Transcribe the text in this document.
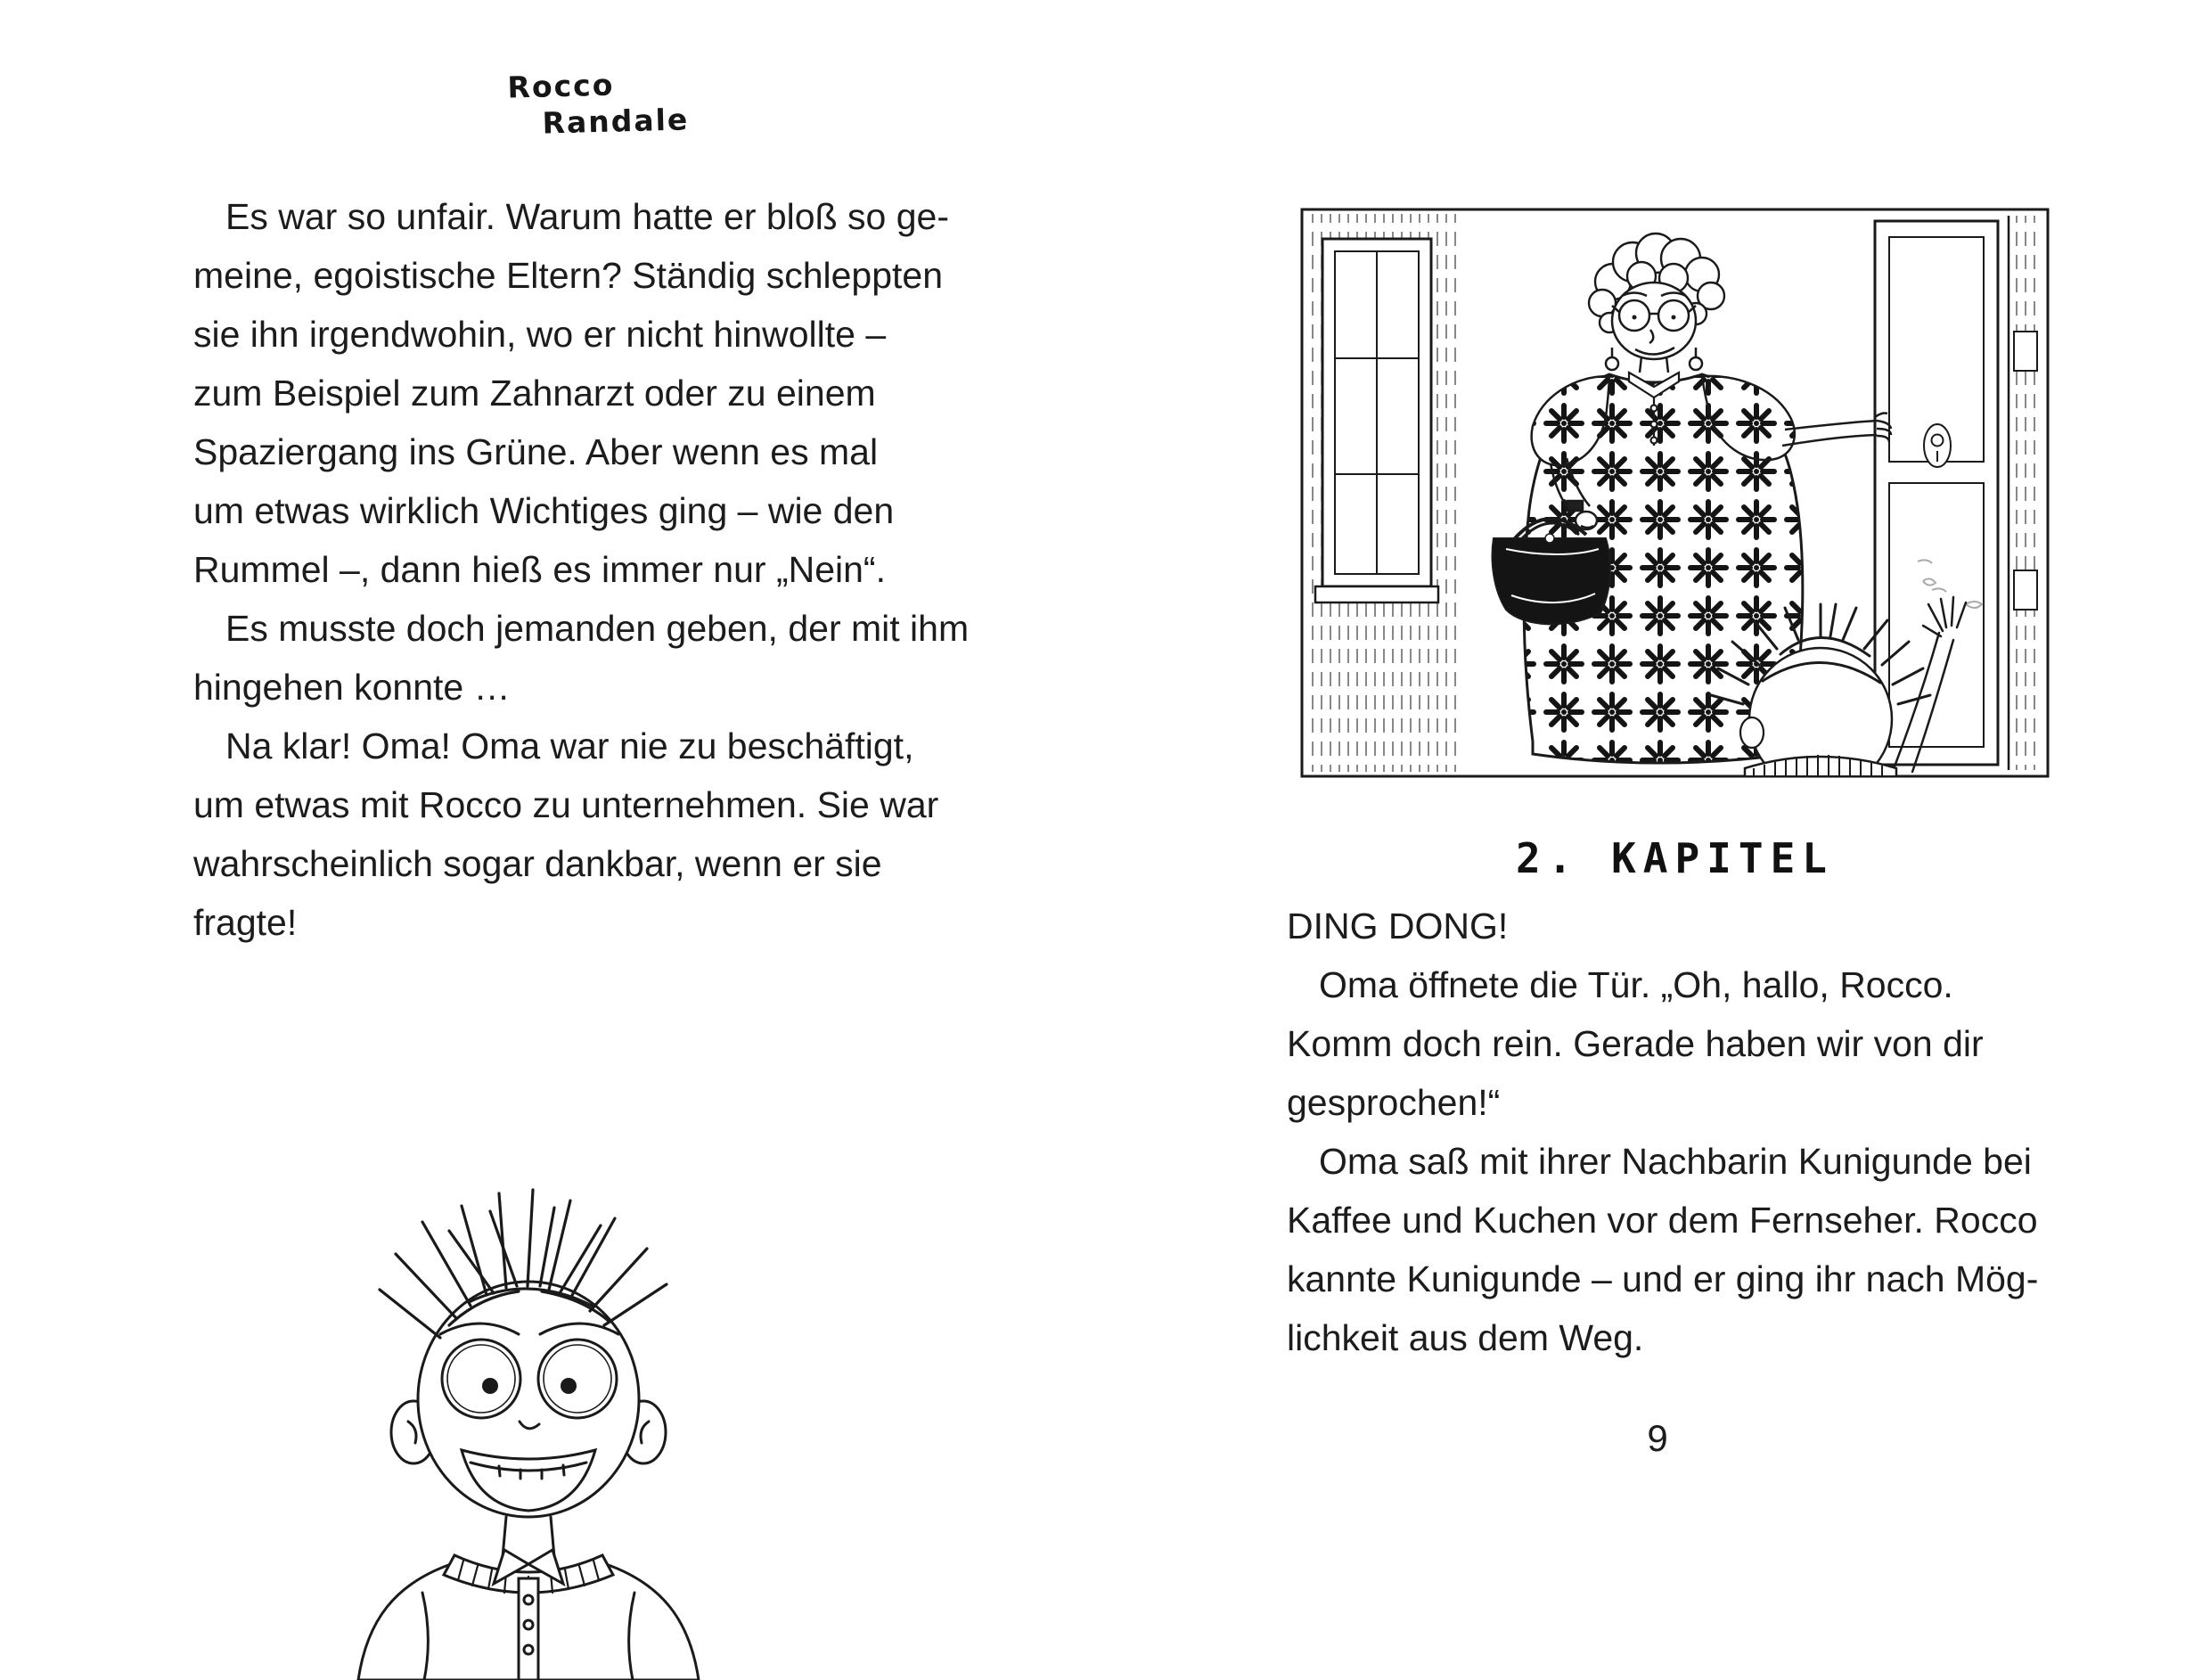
Rocco
Randale
Es war so unfair. Warum hatte er bloß so ge-
meine, egoistische Eltern? Ständig schleppten
sie ihn irgendwohin, wo er nicht hinwollte –
zum Beispiel zum Zahnarzt oder zu einem
Spaziergang ins Grüne. Aber wenn es mal
um etwas wirklich Wichtiges ging – wie den
Rummel –, dann hieß es immer nur „Nein“.
Es musste doch jemanden geben, der mit ihm
hingehen konnte …
Na klar! Oma! Oma war nie zu beschäftigt,
um etwas mit Rocco zu unternehmen. Sie war
wahrscheinlich sogar dankbar, wenn er sie
fragte!
2. KAPITEL
DING DONG!
Oma öffnete die Tür. „Oh, hallo, Rocco.
Komm doch rein. Gerade haben wir von dir
gesprochen!“
Oma saß mit ihrer Nachbarin Kunigunde bei
Kaffee und Kuchen vor dem Fernseher. Rocco
kannte Kunigunde – und er ging ihr nach Mög-
lichkeit aus dem Weg.
9
